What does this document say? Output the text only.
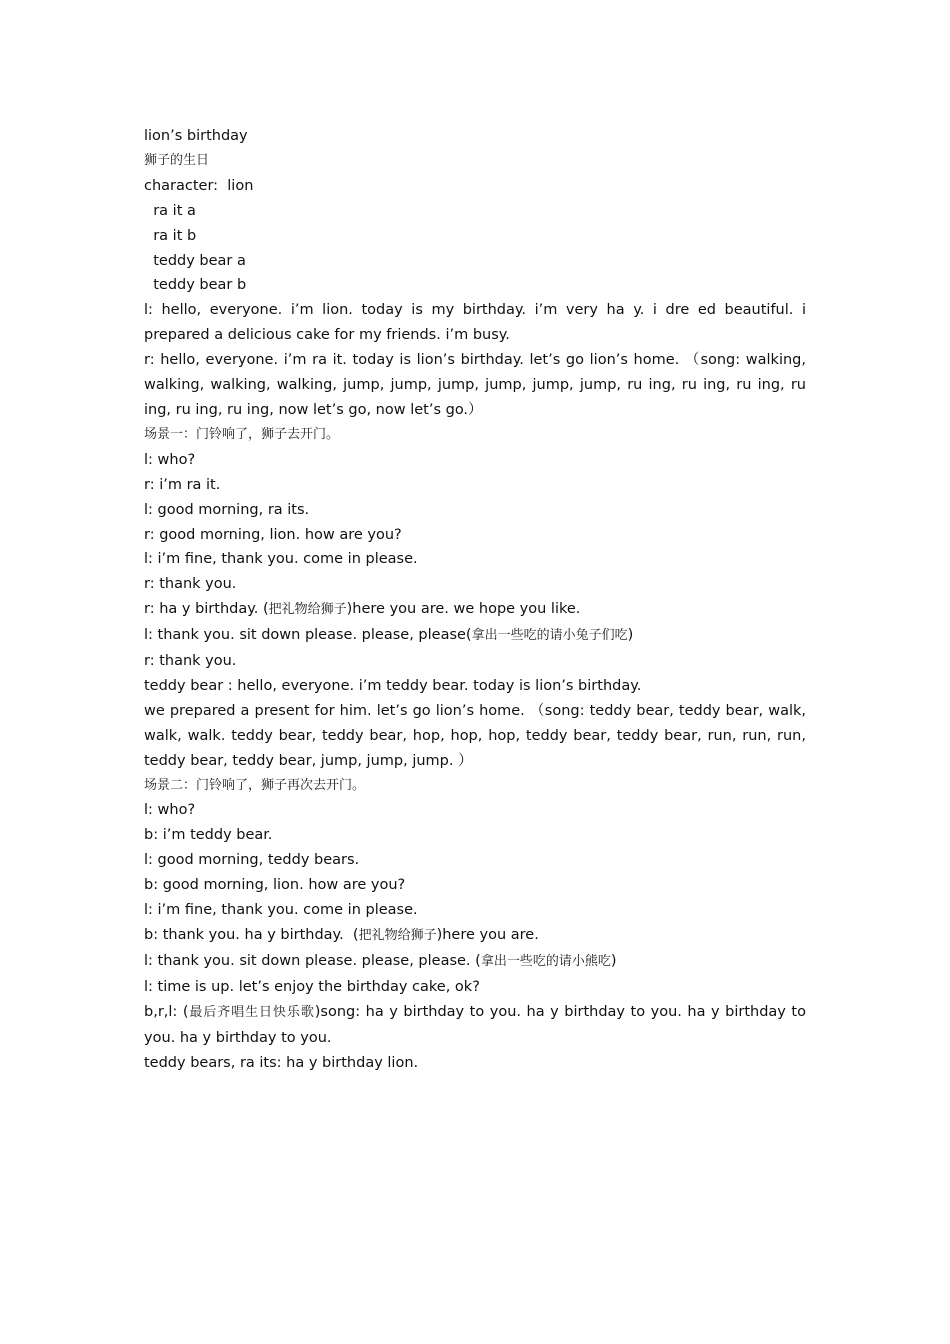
lion’s birthday

狮子的生日

character:  lion

ra it a

ra it b

teddy bear a

teddy bear b

l: hello, everyone. i’m lion. today is my birthday. i’m very ha y. i dre ed beautiful. i prepared a delicious cake for my friends. i’m busy.

r: hello, everyone. i’m ra it. today is lion’s birthday. let’s go lion’s home. （song: walking, walking, walking, walking, jump, jump, jump, jump, jump, jump, ru ing, ru ing, ru ing, ru ing, ru ing, ru ing, now let’s go, now let’s go.）

场景一：门铃响了，狮子去开门。

l: who?

r: i’m ra it.

l: good morning, ra its.

r: good morning, lion. how are you?

l: i’m fine, thank you. come in please.

r: thank you.

r: ha y birthday. (把礼物给狮子)here you are. we hope you like.

l: thank you. sit down please. please, please(拿出一些吃的请小兔子们吃)

r: thank you.

teddy bear : hello, everyone. i’m teddy bear. today is lion’s birthday.

we prepared a present for him. let’s go lion’s home. （song: teddy bear, teddy bear, walk, walk, walk. teddy bear, teddy bear, hop, hop, hop, teddy bear, teddy bear, run, run, run, teddy bear, teddy bear, jump, jump, jump. ）

场景二：门铃响了，狮子再次去开门。

l: who?

b: i’m teddy bear.

l: good morning, teddy bears.

b: good morning, lion. how are you?

l: i’m fine, thank you. come in please.

b: thank you. ha y birthday.  (把礼物给狮子)here you are.

l: thank you. sit down please. please, please. (拿出一些吃的请小熊吃)

l: time is up. let’s enjoy the birthday cake, ok?

b,r,l: (最后齐唱生日快乐歌)song: ha y birthday to you. ha y birthday to you. ha y birthday to you. ha y birthday to you.

teddy bears, ra its: ha y birthday lion.
